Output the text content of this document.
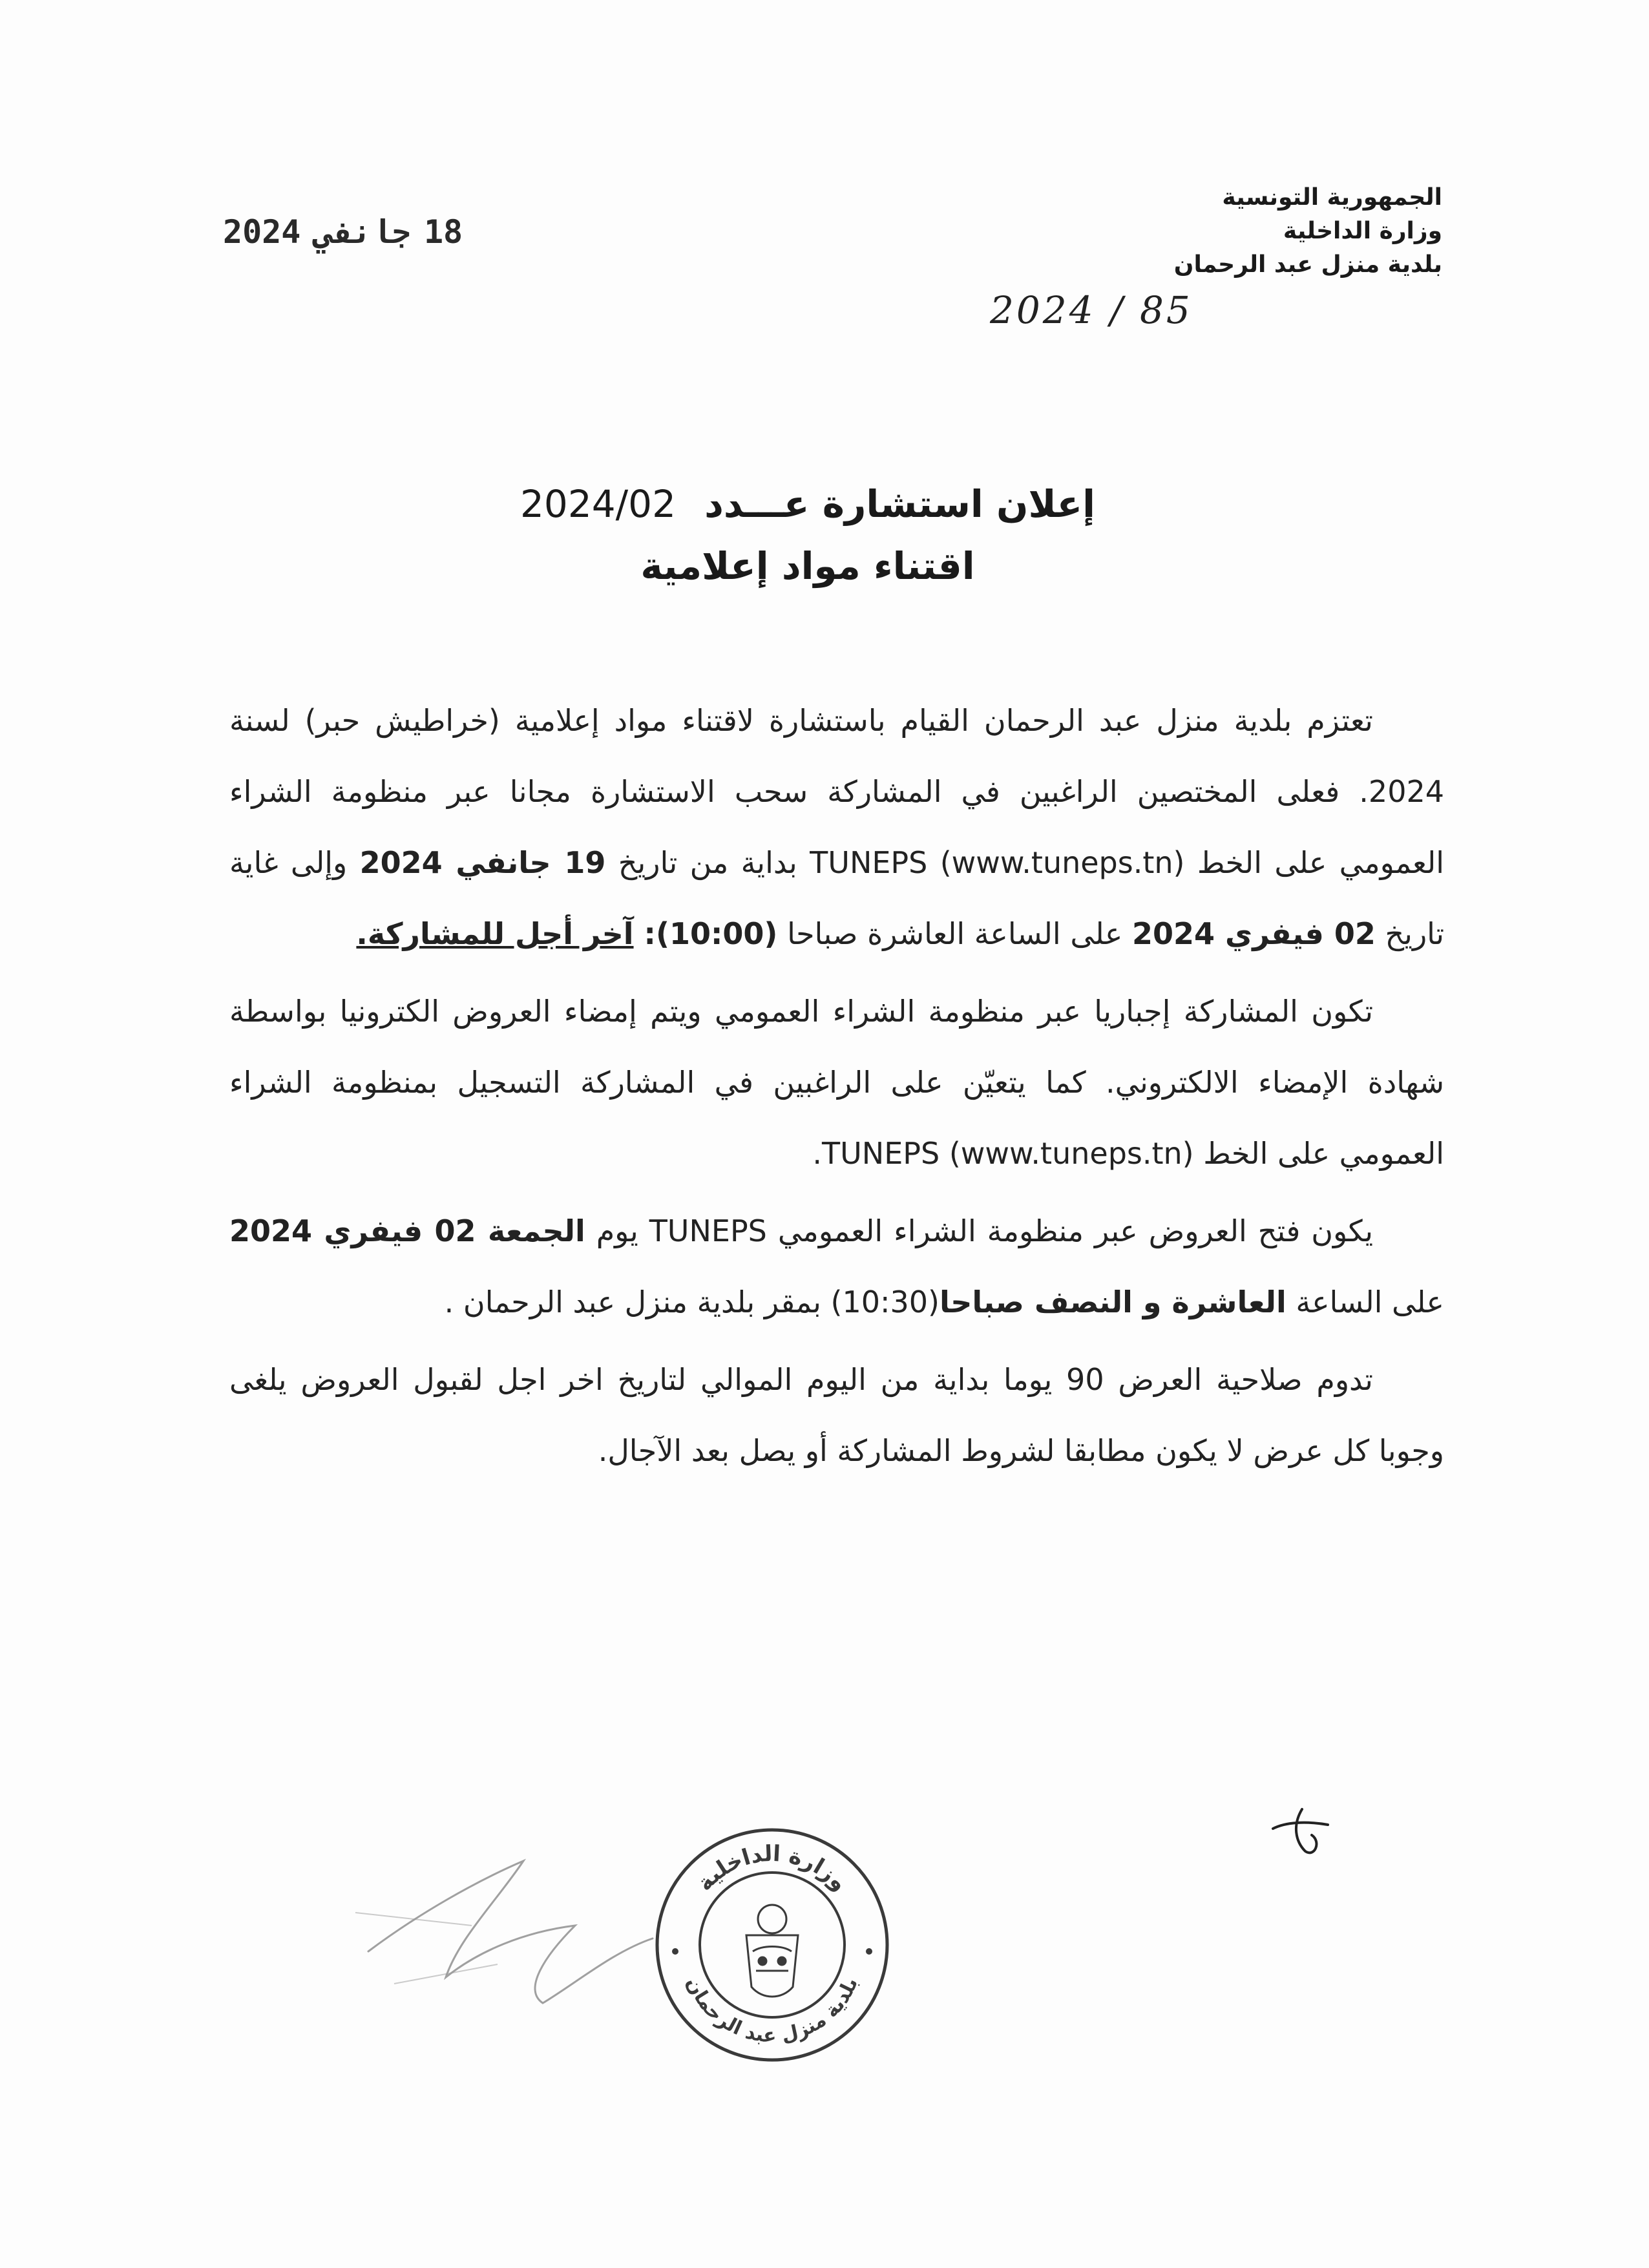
الجمهورية التونسية
وزارة الداخلية
بلدية منزل عبد الرحمان
2024 / 85
18جانفي2024
إعلان استشارة عـــدد 2024/02
اقتناء مواد إعلامية

تعتزم بلدية منزل عبد الرحمان القيام باستشارة لاقتناء مواد إعلامية (خراطيش حبر) لسنة 2024. فعلى المختصين الراغبين في المشاركة سحب الاستشارة مجانا عبر منظومة الشراء العمومي على الخط TUNEPS (www.tuneps.tn) بداية من تاريخ 19 جانفي 2024 وإلى غاية تاريخ 02 فيفري 2024 على الساعة العاشرة صباحا (10:00): آخر أجل للمشاركة.

تكون المشاركة إجباريا عبر منظومة الشراء العمومي ويتم إمضاء العروض الكترونيا بواسطة شهادة الإمضاء الالكتروني. كما يتعيّن على الراغبين في المشاركة التسجيل بمنظومة الشراء العمومي على الخط TUNEPS (www.tuneps.tn).

يكون فتح العروض عبر منظومة الشراء العمومي TUNEPS يوم الجمعة 02 فيفري 2024 على الساعة العاشرة و النصف صباحا(10:30) بمقر بلدية منزل عبد الرحمان .

تدوم صلاحية العرض 90 يوما بداية من اليوم الموالي لتاريخ اخر اجل لقبول العروض يلغى وجوبا كل عرض لا يكون مطابقا لشروط المشاركة أو يصل بعد الآجال.

وزارة الداخلية
بلدية منزل عبد الرحمان
